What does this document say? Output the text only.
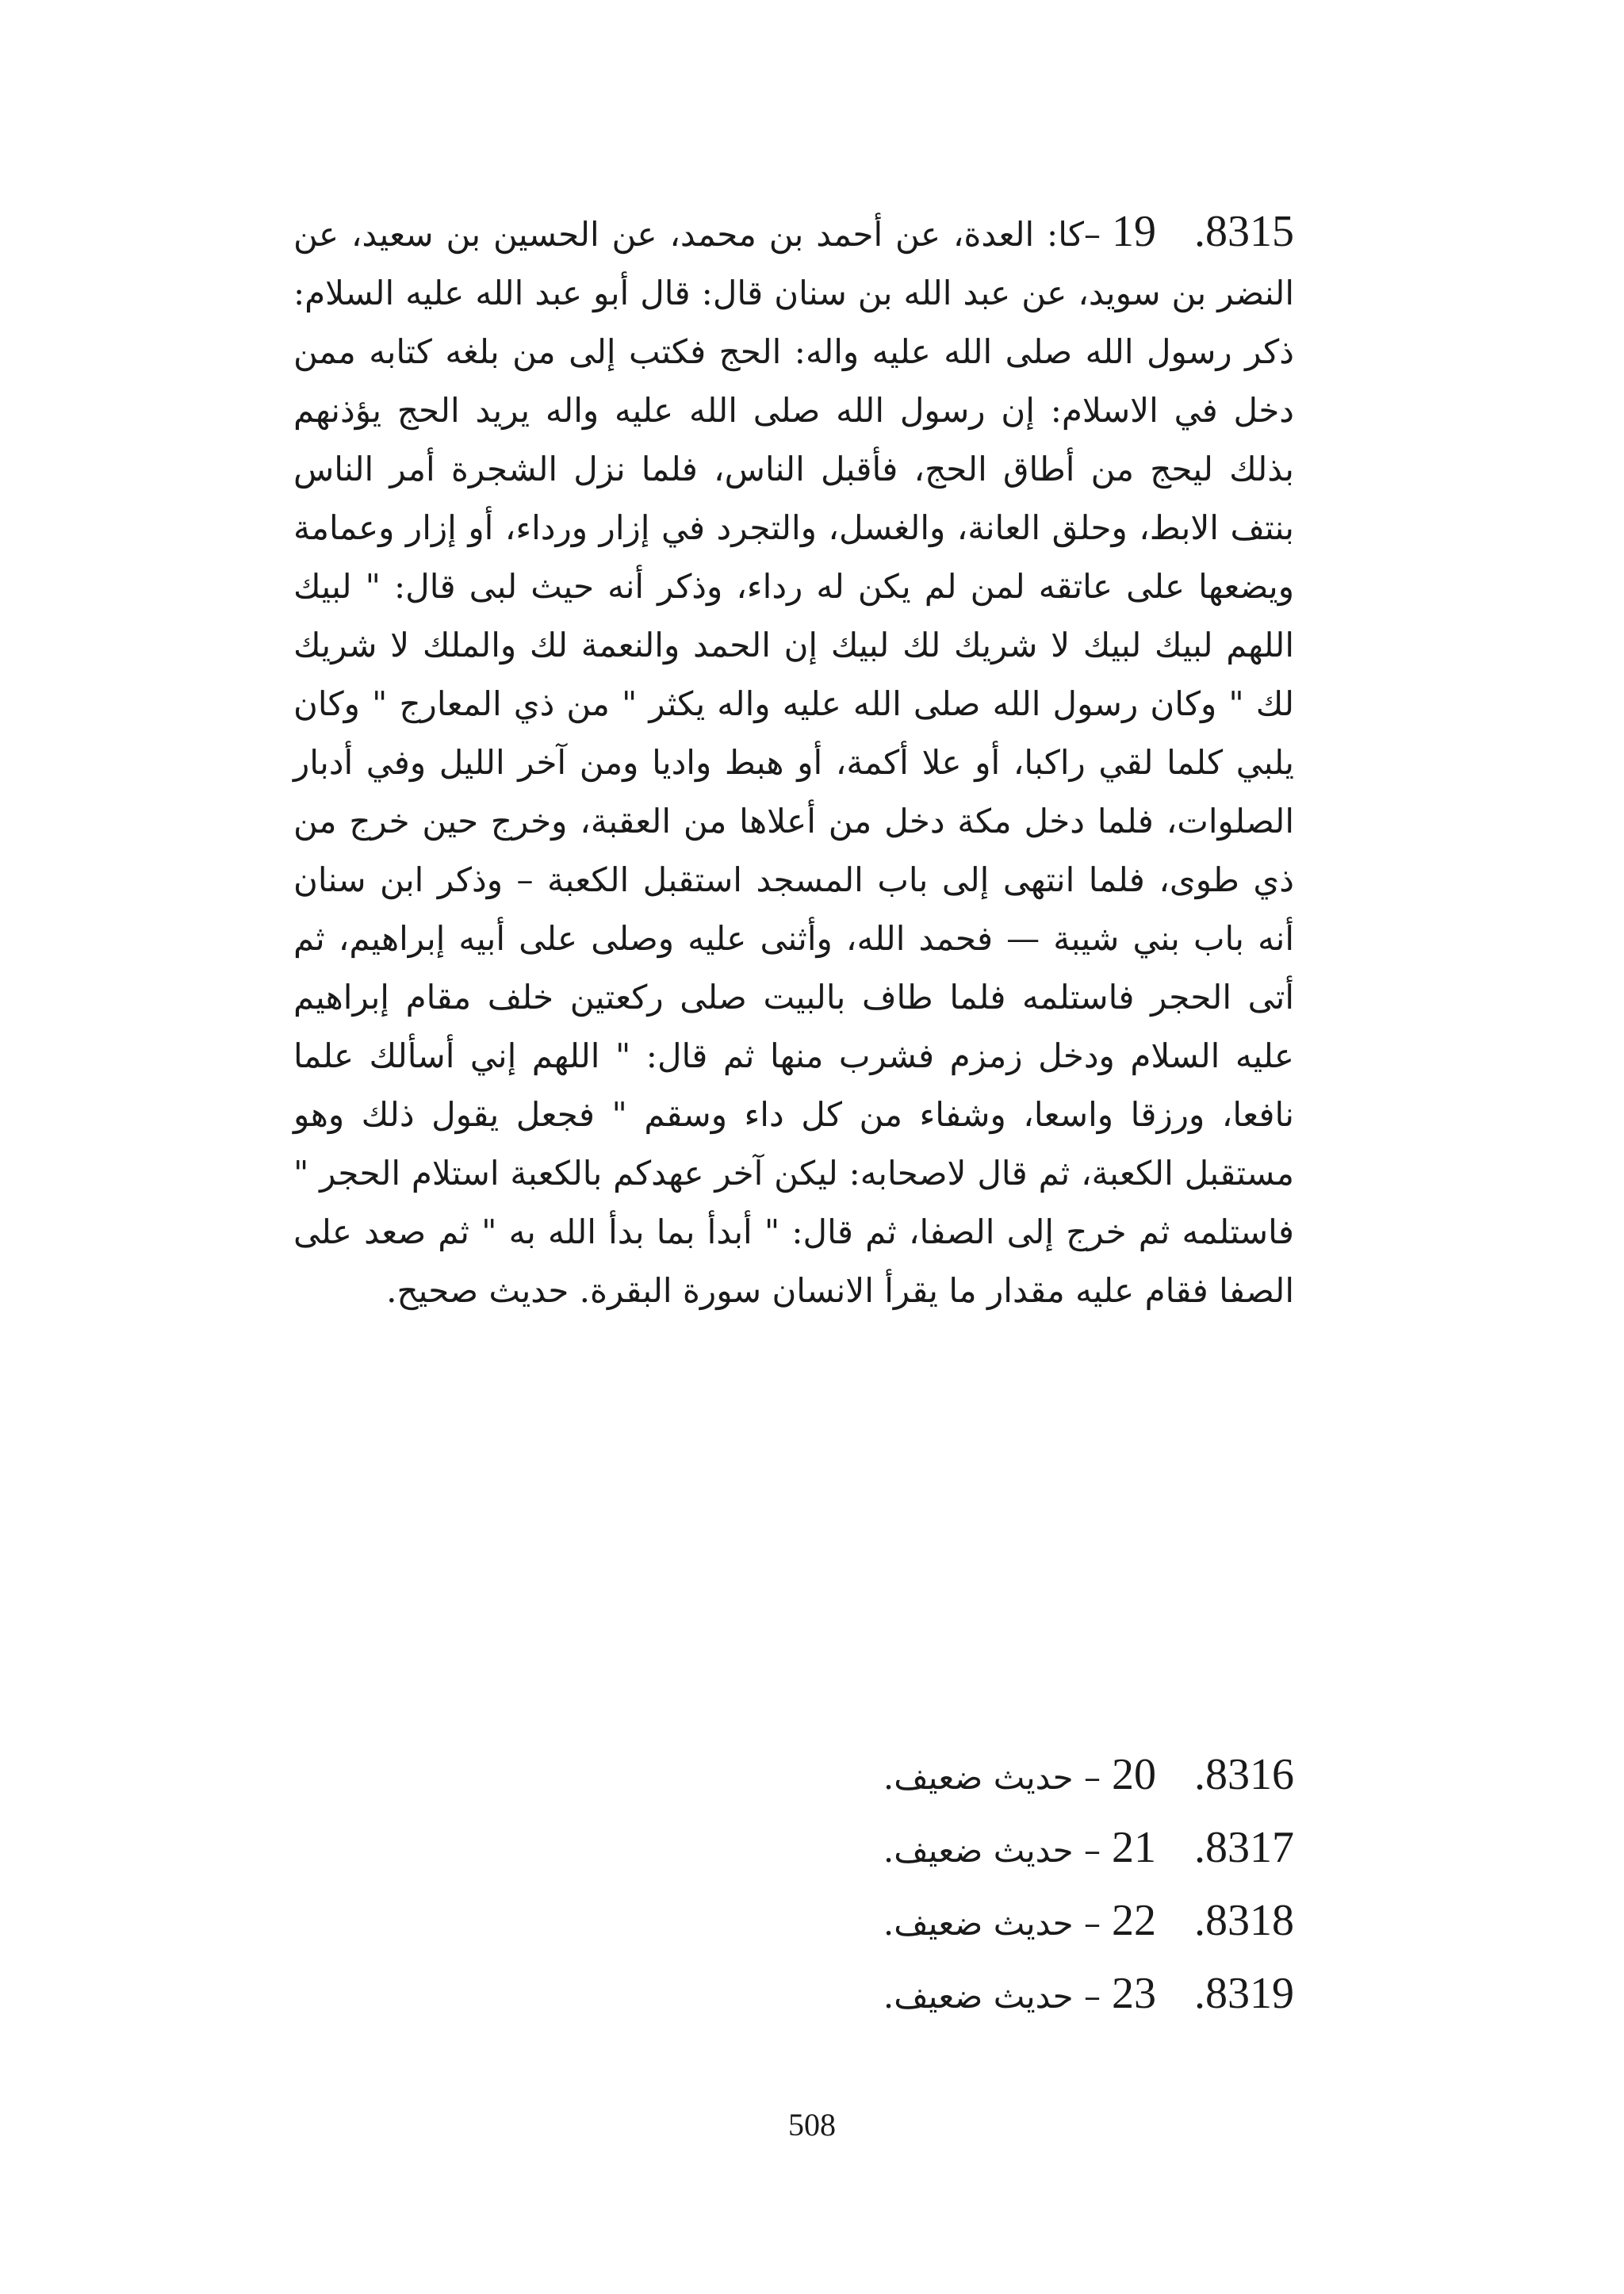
.831519–كا: العدة، عن أحمد بن محمد، عن الحسين بن سعيد، عن النضر بن سويد، عن عبد الله بن سنان قال: قال أبو عبد الله عليه السلام: ذكر رسول الله صلى الله عليه واله: الحج فكتب إلى من بلغه كتابه ممن دخل في الاسلام: إن رسول الله صلى الله عليه واله يريد الحج يؤذنهم بذلك ليحج من أطاق الحج، فأقبل الناس، فلما نزل الشجرة أمر الناس بنتف الابط، وحلق العانة، والغسل، والتجرد في إزار ورداء، أو إزار وعمامة ويضعها على عاتقه لمن لم يكن له رداء، وذكر أنه حيث لبى قال: " لبيك اللهم لبيك لبيك لا شريك لك لبيك إن الحمد والنعمة لك والملك لا شريك لك " وكان رسول الله صلى الله عليه واله يكثر " من ذي المعارج " وكان يلبي كلما لقي راكبا، أو علا أكمة، أو هبط واديا ومن آخر الليل وفي أدبار الصلوات، فلما دخل مكة دخل من أعلاها من العقبة، وخرج حين خرج من ذي طوى، فلما انتهى إلى باب المسجد استقبل الكعبة – وذكر ابن سنان أنه باب بني شيبة — فحمد الله، وأثنى عليه وصلى على أبيه إبراهيم، ثم أتى الحجر فاستلمه فلما طاف بالبيت صلى ركعتين خلف مقام إبراهيم عليه السلام ودخل زمزم فشرب منها ثم قال: " اللهم إني أسألك علما نافعا، ورزقا واسعا، وشفاء من كل داء وسقم " فجعل يقول ذلك وهو مستقبل الكعبة، ثم قال لاصحابه: ليكن آخر عهدكم بالكعبة استلام الحجر " فاستلمه ثم خرج إلى الصفا، ثم قال: " أبدأ بما بدأ الله به " ثم صعد على الصفا فقام عليه مقدار ما يقرأ الانسان سورة البقرة. حديث صحيح.
.831620– حديث ضعيف.
.831721– حديث ضعيف.
.831822– حديث ضعيف.
.831923– حديث ضعيف.
508
